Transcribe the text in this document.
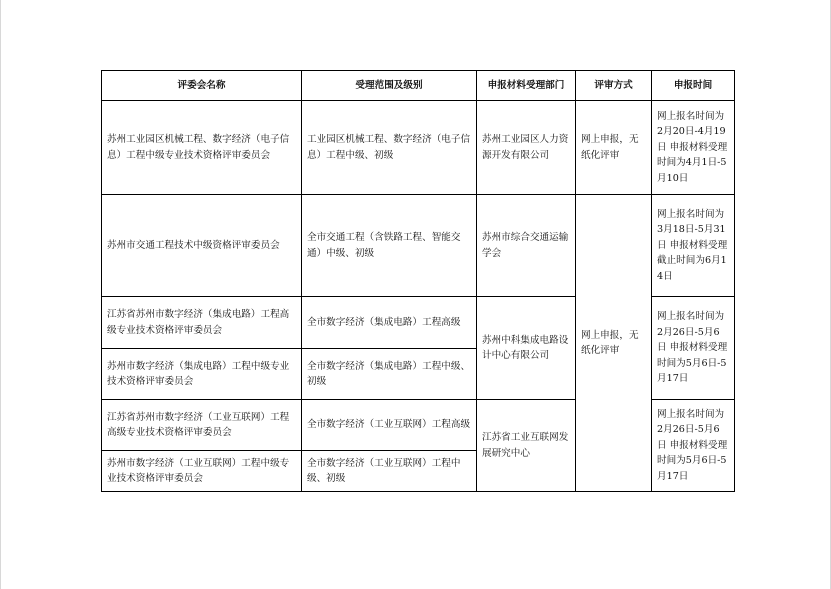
评委会名称	受理范围及级别	申报材料受理部门	评审方式	申报时间
苏州工业园区机械工程、数字经济（电子信息）工程中级专业技术资格评审委员会	工业园区机械工程、数字经济（电子信息）工程中级、初级	苏州工业园区人力资源开发有限公司	网上申报，无纸化评审	网上报名时间为2月20日-4月19日 申报材料受理时间为4月1日-5月10日
苏州市交通工程技术中级资格评审委员会	全市交通工程（含铁路工程、智能交通）中级、初级	苏州市综合交通运输学会	网上申报，无纸化评审	网上报名时间为3月18日-5月31日 申报材料受理截止时间为6月14日
江苏省苏州市数字经济（集成电路）工程高级专业技术资格评审委员会	全市数字经济（集成电路）工程高级	苏州中科集成电路设计中心有限公司		网上报名时间为2月26日-5月6日 申报材料受理时间为5月6日-5月17日
苏州市数字经济（集成电路）工程中级专业技术资格评审委员会	全市数字经济（集成电路）工程中级、初级			
江苏省苏州市数字经济（工业互联网）工程高级专业技术资格评审委员会	全市数字经济（工业互联网）工程高级	江苏省工业互联网发展研究中心		网上报名时间为2月26日-5月6日 申报材料受理时间为5月6日-5月17日
苏州市数字经济（工业互联网）工程中级专业技术资格评审委员会	全市数字经济（工业互联网）工程中级、初级			
